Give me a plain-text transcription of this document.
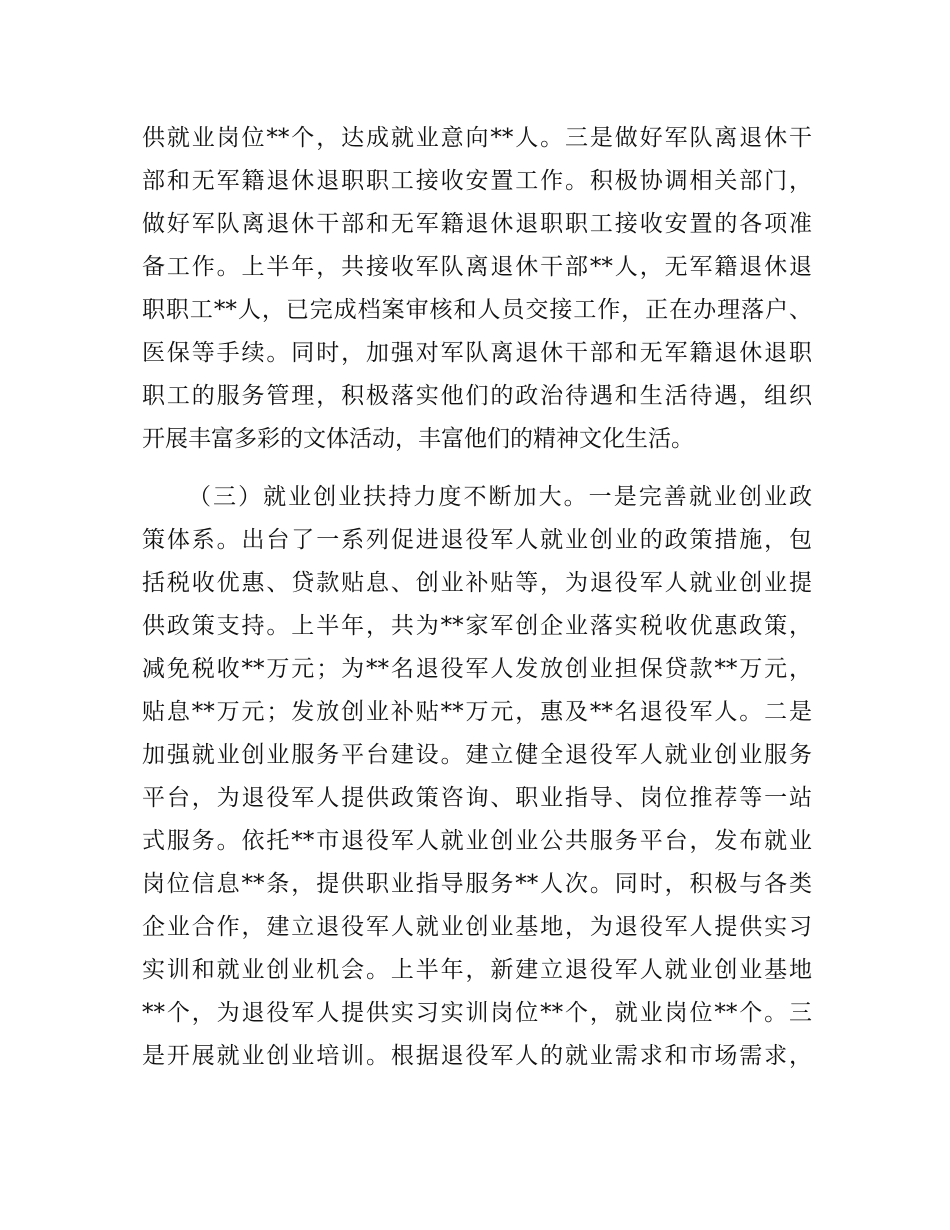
供就业岗位**个，达成就业意向**人。三是做好军队离退休干
部和无军籍退休退职职工接收安置工作。积极协调相关部门，
做好军队离退休干部和无军籍退休退职职工接收安置的各项准
备工作。上半年，共接收军队离退休干部**人，无军籍退休退
职职工**人，已完成档案审核和人员交接工作，正在办理落户、
医保等手续。同时，加强对军队离退休干部和无军籍退休退职
职工的服务管理，积极落实他们的政治待遇和生活待遇，组织
开展丰富多彩的文体活动，丰富他们的精神文化生活。
（三）就业创业扶持力度不断加大。一是完善就业创业政
策体系。出台了一系列促进退役军人就业创业的政策措施，包
括税收优惠、贷款贴息、创业补贴等，为退役军人就业创业提
供政策支持。上半年，共为**家军创企业落实税收优惠政策，
减免税收**万元；为**名退役军人发放创业担保贷款**万元，
贴息**万元；发放创业补贴**万元，惠及**名退役军人。二是
加强就业创业服务平台建设。建立健全退役军人就业创业服务
平台，为退役军人提供政策咨询、职业指导、岗位推荐等一站
式服务。依托**市退役军人就业创业公共服务平台，发布就业
岗位信息**条，提供职业指导服务**人次。同时，积极与各类
企业合作，建立退役军人就业创业基地，为退役军人提供实习
实训和就业创业机会。上半年，新建立退役军人就业创业基地
**个，为退役军人提供实习实训岗位**个，就业岗位**个。三
是开展就业创业培训。根据退役军人的就业需求和市场需求，
